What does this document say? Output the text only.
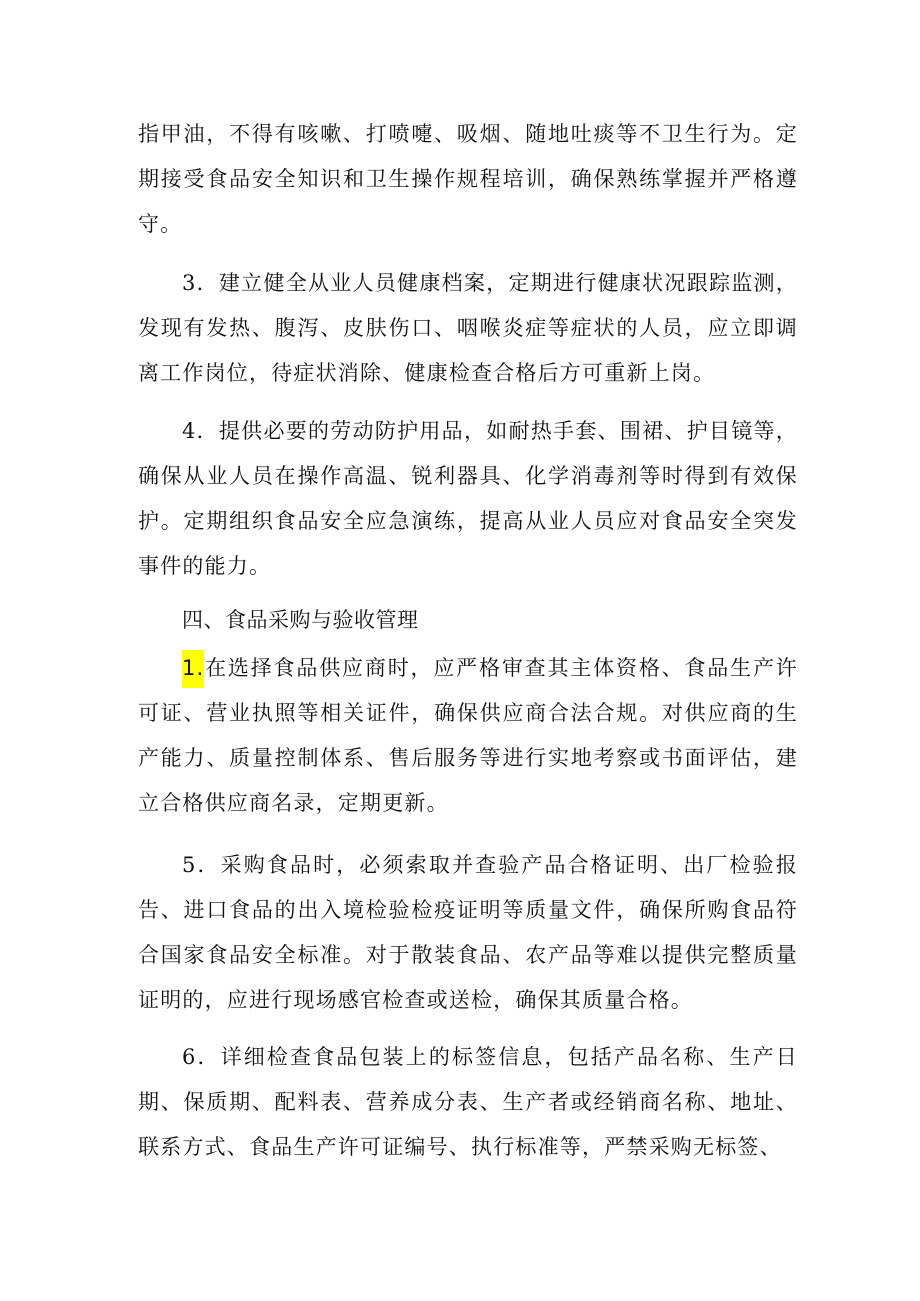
指甲油，不得有咳嗽、打喷嚏、吸烟、随地吐痰等不卫生行为。定期接受食品安全知识和卫生操作规程培训，确保熟练掌握并严格遵守。

3．建立健全从业人员健康档案，定期进行健康状况跟踪监测，发现有发热、腹泻、皮肤伤口、咽喉炎症等症状的人员，应立即调离工作岗位，待症状消除、健康检查合格后方可重新上岗。

4．提供必要的劳动防护用品，如耐热手套、围裙、护目镜等，确保从业人员在操作高温、锐利器具、化学消毒剂等时得到有效保护。定期组织食品安全应急演练，提高从业人员应对食品安全突发事件的能力。

四、食品采购与验收管理

1.在选择食品供应商时，应严格审查其主体资格、食品生产许可证、营业执照等相关证件，确保供应商合法合规。对供应商的生产能力、质量控制体系、售后服务等进行实地考察或书面评估，建立合格供应商名录，定期更新。

5．采购食品时，必须索取并查验产品合格证明、出厂检验报告、进口食品的出入境检验检疫证明等质量文件，确保所购食品符合国家食品安全标准。对于散装食品、农产品等难以提供完整质量证明的，应进行现场感官检查或送检，确保其质量合格。

6．详细检查食品包装上的标签信息，包括产品名称、生产日期、保质期、配料表、营养成分表、生产者或经销商名称、地址、联系方式、食品生产许可证编号、执行标准等，严禁采购无标签、
